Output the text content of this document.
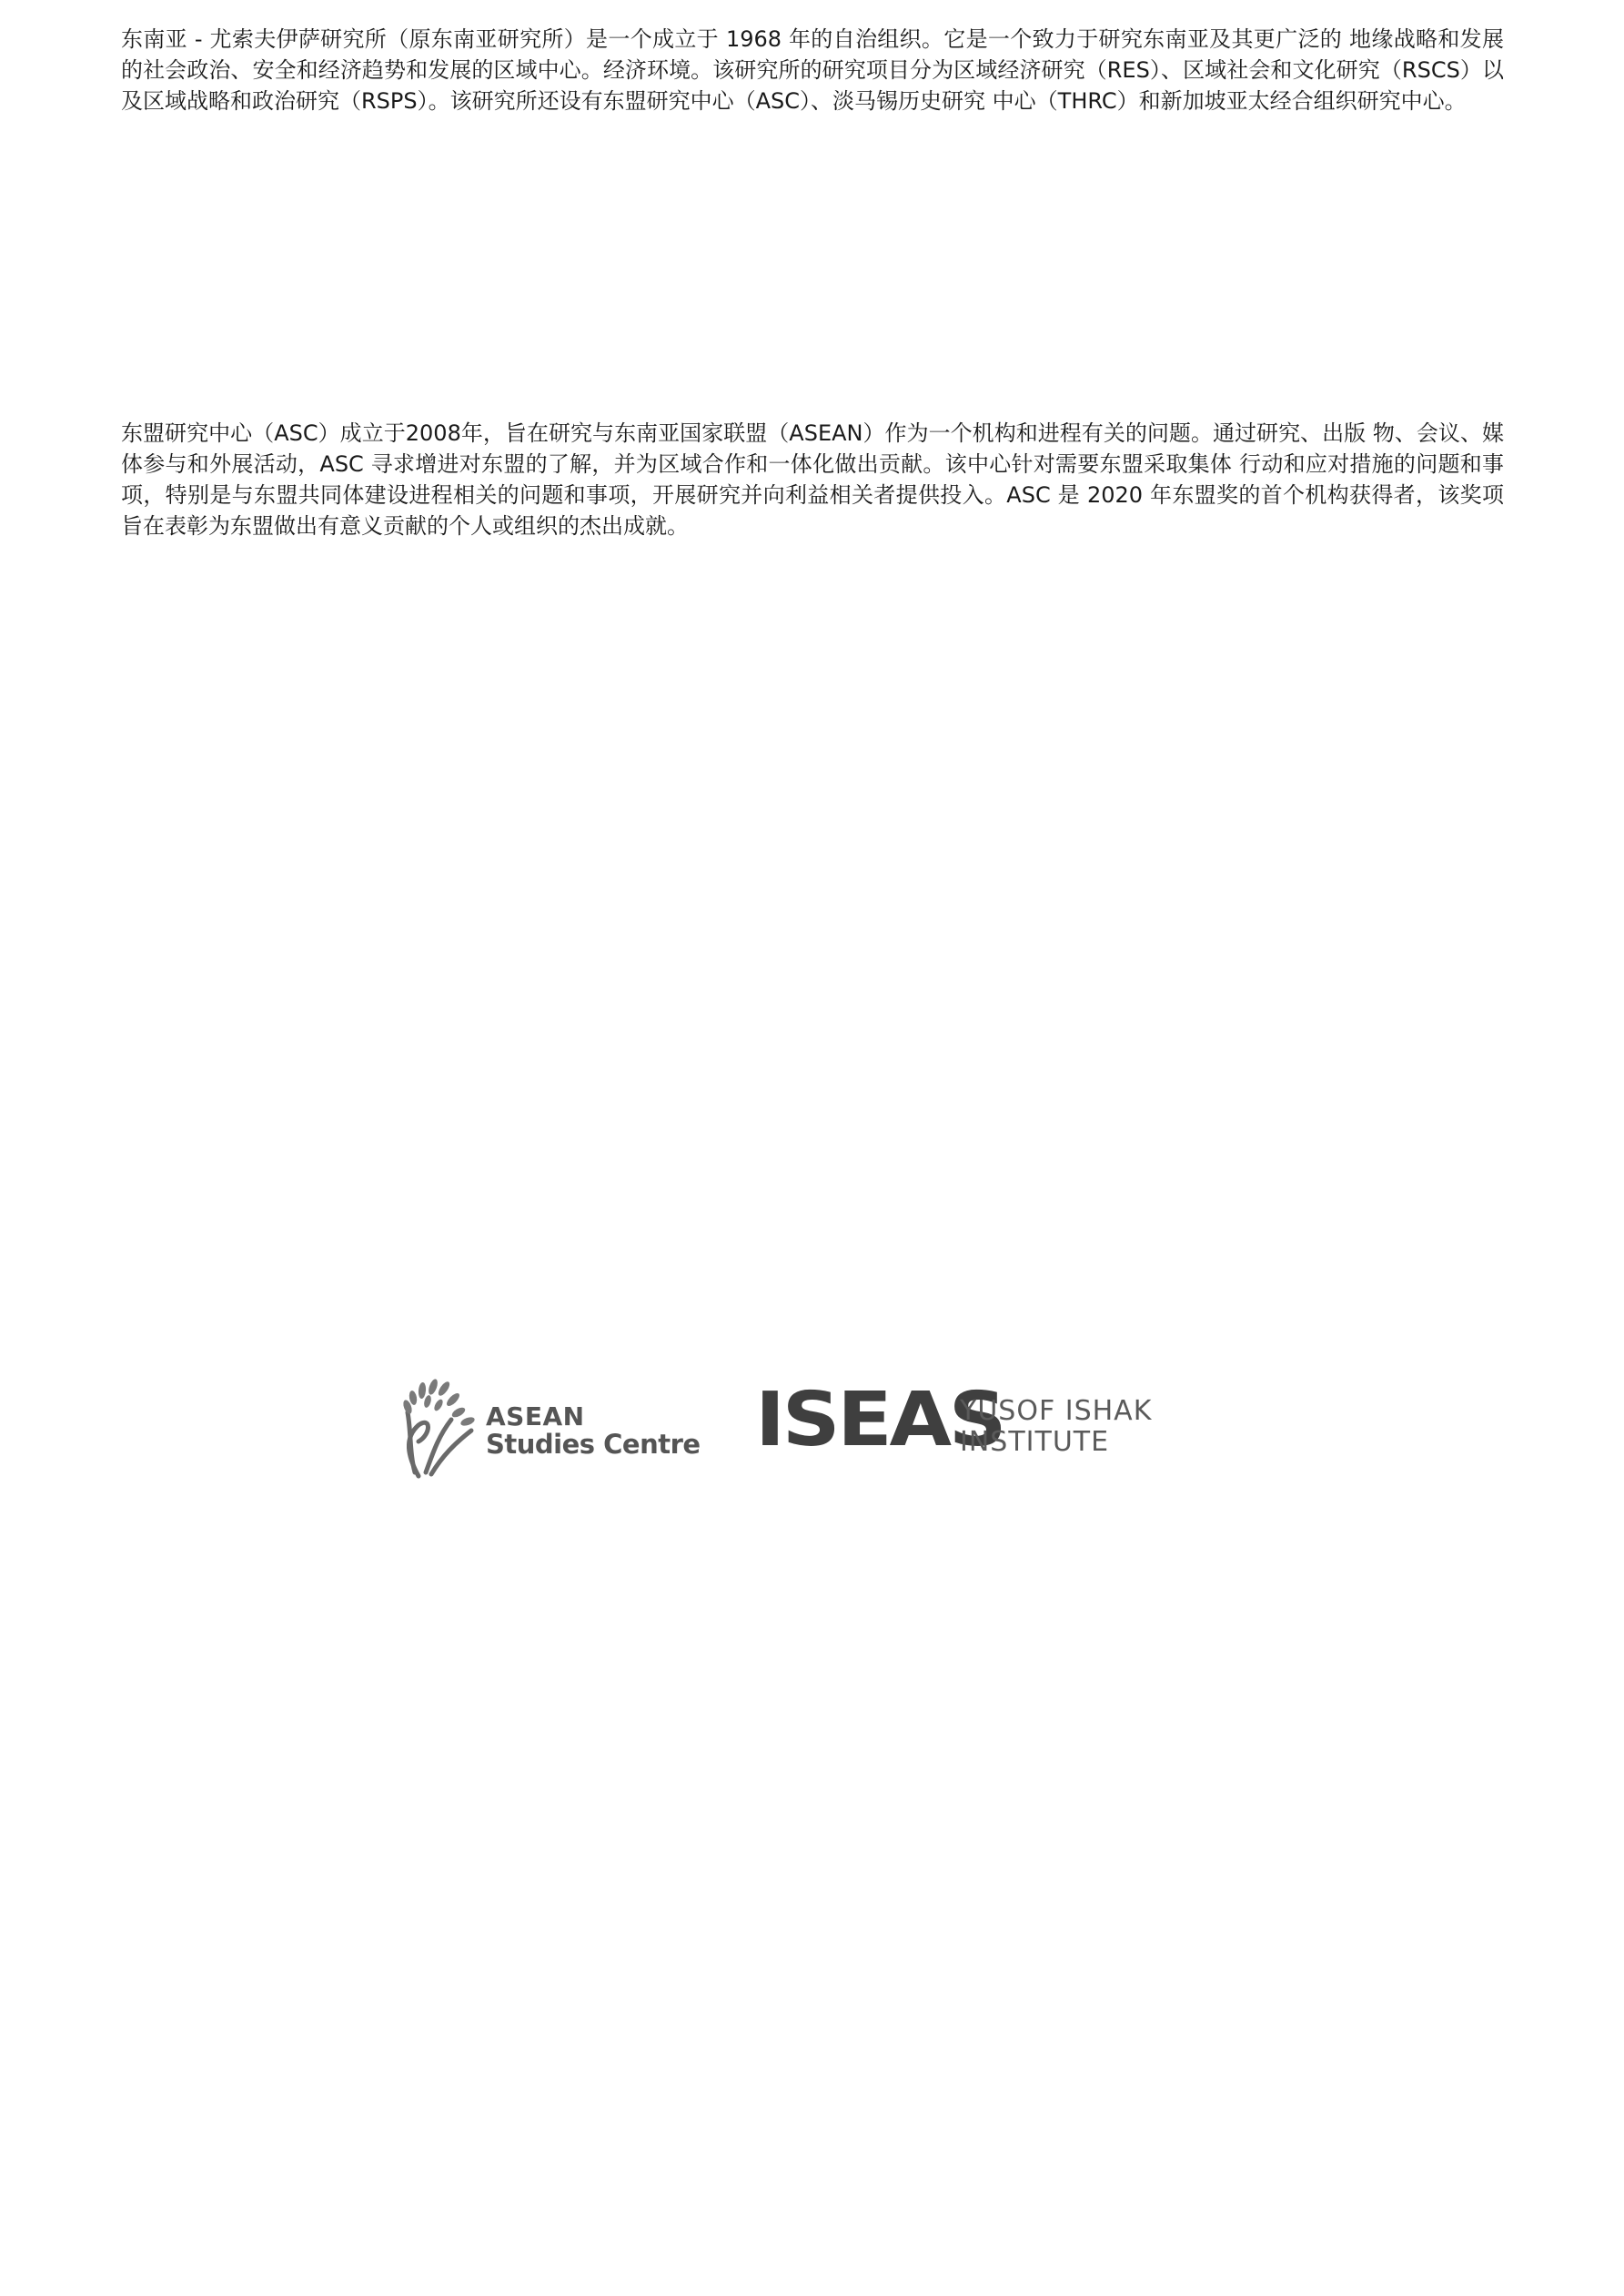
东南亚 - 尤索夫伊萨研究所（原东南亚研究所）是一个成立于 1968 年的自治组织。它是一个致力于研究东南亚及其更广泛的 地缘战略和发展的社会政治、安全和经济趋势和发展的区域中心。经济环境。该研究所的研究项目分为区域经济研究（RES）、区域社会和文化研究（RSCS）以及区域战略和政治研究（RSPS）。该研究所还设有东盟研究中心（ASC）、淡马锡历史研究 中心（THRC）和新加坡亚太经合组织研究中心。

东盟研究中心（ASC）成立于2008年，旨在研究与东南亚国家联盟（ASEAN）作为一个机构和进程有关的问题。通过研究、出版 物、会议、媒体参与和外展活动，ASC 寻求增进对东盟的了解，并为区域合作和一体化做出贡献。该中心针对需要东盟采取集体 行动和应对措施的问题和事项，特别是与东盟共同体建设进程相关的问题和事项，开展研究并向利益相关者提供投入。ASC 是 2020 年东盟奖的首个机构获得者，该奖项旨在表彰为东盟做出有意义贡献的个人或组织的杰出成就。

ASEAN
Studies Centre ISEAS
YUSOF ISHAK
INSTITUTE
